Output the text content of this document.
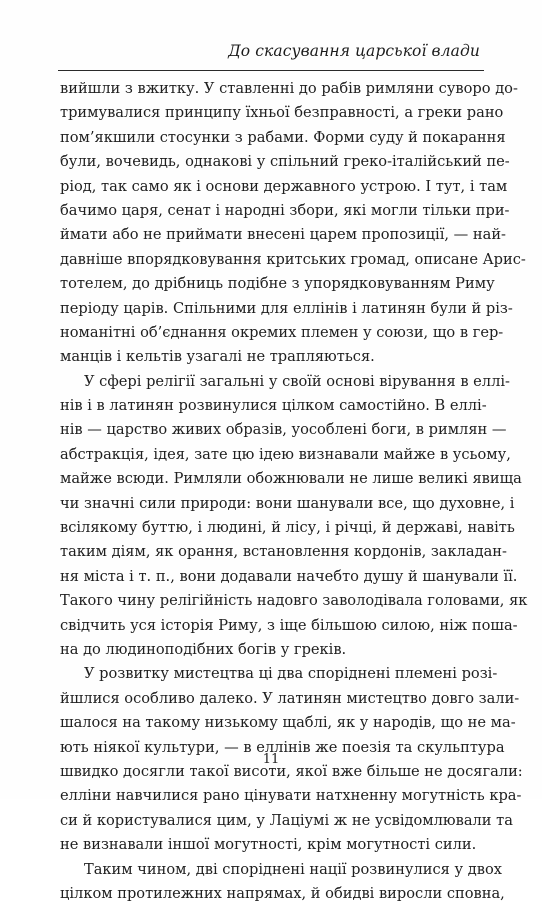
До скасування царської влади
вийшли з вжитку. У ставленні до рабів римляни суворо до-
тримувалися принципу їхньої безправності, а греки рано
пом’якшили стосунки з рабами. Форми суду й покарання
були, вочевидь, однакові у спільний греко-італійський пе-
ріод, так само як і основи державного устрою. І тут, і там
бачимо царя, сенат і народні збори, які могли тільки при-
ймати або не приймати внесені царем пропозиції, — най-
давніше впорядковування критських громад, описане Арис-
тотелем, до дрібниць подібне з упорядковуванням Риму
періоду царів. Спільними для еллінів і латинян були й різ-
номанітні об’єднання окремих племен у союзи, що в гер-
манців і кельтів узагалі не трапляються.
У сфері релігії загальні у своїй основі вірування в еллі-
нів і в латинян розвинулися цілком самостійно. В еллі-
нів — царство живих образів, уособлені боги, в римлян —
абстракція, ідея, зате цю ідею визнавали майже в усьому,
майже всюди. Римляли обожнювали не лише великі явища
чи значні сили природи: вони шанували все, що духовне, і
всілякому буттю, і людині, й лісу, і річці, й державі, навіть
таким діям, як орання, встановлення кордонів, закладан-
ня міста і т. п., вони додавали начебто душу й шанували її.
Такого чину релігійність надовго заволодівала головами, як
свідчить уся історія Риму, з іще більшою силою, ніж поша-
на до людиноподібних богів у греків.
У розвитку мистецтва ці два споріднені племені розі-
йшлися особливо далеко. У латинян мистецтво довго зали-
шалося на такому низькому щаблі, як у народів, що не ма-
ють ніякої культури, — в еллінів же поезія та скульптура
швидко досягли такої висоти, якої вже більше не досягали:
елліни навчилися рано цінувати натхненну могутність кра-
си й користувалися цим, у Лаціумі ж не усвідомлювали та
не визнавали іншої могутності, крім могутності сили.
Таким чином, дві споріднені нації розвинулися у двох
цілком протилежних напрямах, й обидві виросли сповна,
11
